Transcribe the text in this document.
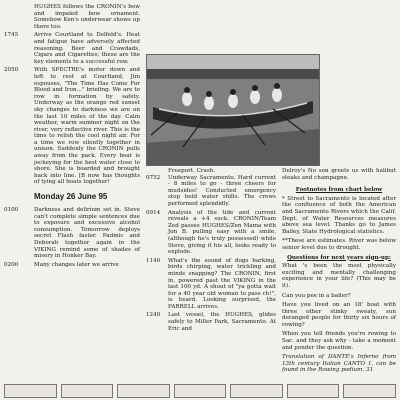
HUGHES follows the CRONIN's bow and impaled bow ornament. Somehow Ken's underwear shows up there too.
1745	Arrive Courtland to Delfeld's. Heat and fatigue have adversely affected reasoning. Beer and Crawdads, Cigars and Cigarettes; these are the key elements to a successful row.
2050	With SPECTRE's motor down and left to rest at Courtland, Jim espouses, "The Time Has Come For Blood and Iron..." briefing. We are to row in formation by safety. Underway as the orange red sunset sky changes to darkness we are on the last 10 miles of the day. Calm weather, warm summer night on the river, very reflective river. This is the time to relish the cool night air. For a time we row silently together in unison. Suddenly the CRONIN pulls away from the pack. Every boat is jockeying for the best water close to shore. She is boarded and brought back into line. [B now has thoughts of tying all boats together!
Monday 26 June 95
0100	Darkness and delirium set in. Steve can't complete simple sentences due to exposure and excessive alcohol consumption. Tomorrow deploys secret Flash faster. Padmic and Deborah together again in the VIKING remind some of shades of misery in Honker Bay.
0200	Many changes later we arrive
Freeport. Crash.
0752	Underway Sacramento. Hard current - 8 miles to go - three cheers for mudsides! Conducted emergency stop held water shills. The crews performed splendidly.
0914	Analysis of the tide and current reveals a +4 suck. CRONIN/Team Zed passes HUGHES/Zen Mama with Jon B. pulling easy with a smile, (although he's truly possessed) while Steve, giving it his all, looks ready to explode.
1140	What's the sound of dogs barking, birds chirping, water trickling and minds snapping? The CRONIN, first in, powered past the VIKING in the last 100 yd. A shout of "ya gotta wait for a 40 year old woman to pass ch!", is heard. Looking surprised, the FARRELL arrives.
1240	Last vessel, the HUGHES, glides safely to Miller Park, Sacramento. At Eric and

Delroy's No son greets us with halibut steaks and champagne.

Footnotes from chart below

* Street to Sacramento is located after the confluence of both the American and Sacramento Rivers which the Calif. Dept. of Water Resources measures above sea level. Thanks go to James Bailey, State Hydrological statistics.

**These are estimates. River was below senior level due to drought.

Questions for next years sign-up:

What 's been the most physically exciting and mentally challenging experience in your life? (This may be it).

Can you pee in a bailer?

Have you lived on an 18' boat with three other stinky sweaty, sun deranged people for thirty six hours of rowing?

When you tell friends you're rowing to Sac. and they ask why - take a moment and ponder the question.

Translation of DANTE's Inferno from 13th century Italian CANTO 1, can be found in the Rowing podium. 31
